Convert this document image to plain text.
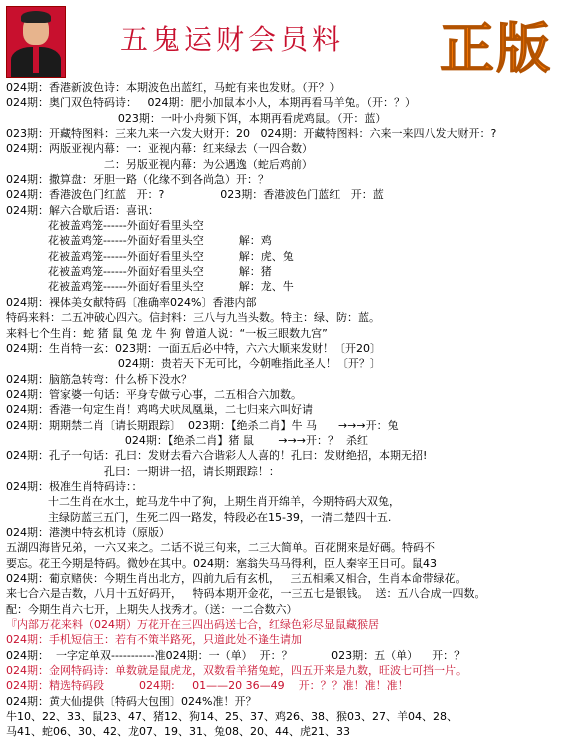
五鬼运财会员料 正版
024期：香港新波色诗：本期波色出蓝红，马蛇有来也发财。（开？）
024期：奥门双色特码诗：   024期：肥小加鼠本小人，本期再看马羊兔。（开：？）
023期：一叶小舟频下饵，本期再看虎鸡鼠。（开：蓝）
023期：开藏特图料：三来九来一六发大财开：20   024期：开藏特图料：六来一来四八发大财开：?
024期：两版亚视内幕：一：亚视内幕：红来绿去（一四合数）
二：另版亚视内幕：为公遇逸（蛇后鸡前）
024期：撒算盘：牙胆一路（化缘不到各尚急）开：？
024期：香港波色门红蓝   开：?                023期：香港波色门蓝红   开：蓝
024期：解六合歇后语：喜讯：
花被盖鸡笼------外面好看里头空
花被盖鸡笼------外面好看里头空          解：鸡
花被盖鸡笼------外面好看里头空          解：虎、兔
花被盖鸡笼------外面好看里头空          解：猪
花被盖鸡笼------外面好看里头空          解：龙、牛
024期：裸体美女献特码〔准确率024%〕香港内部
特码来料：二五冲破心四六。信封料：三八与九当头数。特主：绿、防：蓝。
来料七个生肖：蛇 猪 鼠 兔 龙 牛 狗 曾道人说：“一板三眼数九宫”
024期：生肖特一玄：023期：一面五后必中特，六六大顺来发财！〔开20〕
024期：贵若天下无可比，今朝唯指此圣人！〔开？〕
024期：脑筋急转弯：什么桥下没水？
024期：管家婆一句话：平身专做亏心事，二五相合六加数。
024期：香港一句定生肖！鸡鸣犬吠凤凰巢，二七归来六叫好请
024期：期期禁二肖〔请长期跟踪〕  023期：【绝杀二肖】牛 马      →→→开：兔
024期：【绝杀二肖】猪 鼠       →→→开：？  杀红
024期：孔子一句话：孔曰：发财去看六合谐彩人人喜的！孔曰：发财绝招，本期无招!
孔曰：一期讲一招，请长期跟踪！：
024期：极准生肖特码诗：：
十二生肖在水土，蛇马龙牛中了狗，上期生肖开绵羊，今期特码大双兔，
主绿防蓝三五门，生死二四一路发，特段必在15-39，一清二楚四十五.
024期：港澳中特玄机诗（原版）
五湖四海皆兄弟，一六又来之。二话不说三句来，二三大简单。百花開來是好碼。特码不
要忘。花王今期是特码。微妙在其中。024期：塞翁失马马得利，臣人秦宰王日可。鼠43
024期：葡京赌侠：今期生肖出北方，四前九后有玄机，   三五相乘又相合，生肖本命带绿花。
来七合六是吉数，八月十五好码开，   特码本期开金花，一三五七是银钱。  送：五八合成一四数。
配：今期生肖六七开，上期失人找秀才。（送：一二合数六）
『内部万花来料（024期）万花开在三四出码送七合，红绿色彩尽显鼠藏猴居
024期：手机短信王：若有不策半路死，只道此处不逢生请加
024期：  一字定单双-----------准024期：一（单）  开：？           023期：五（单）    开：？
024期：金网特码诗：单数就是鼠虎龙，双数看羊猪兔蛇，四五开来是九数，旺波七可挡一片。
024期：精选特码段          024期:     01——20 36—49    开：？？准！准！准！
024期：黄大仙提供〔特码大包围〕024%准！开？
牛10、22、33、鼠23、47、猪12、狗14、25、37、鸡26、38、猴03、27、羊04、28、
马41、蛇06、30、42、龙07、19、31、兔08、20、44、虎21、33
